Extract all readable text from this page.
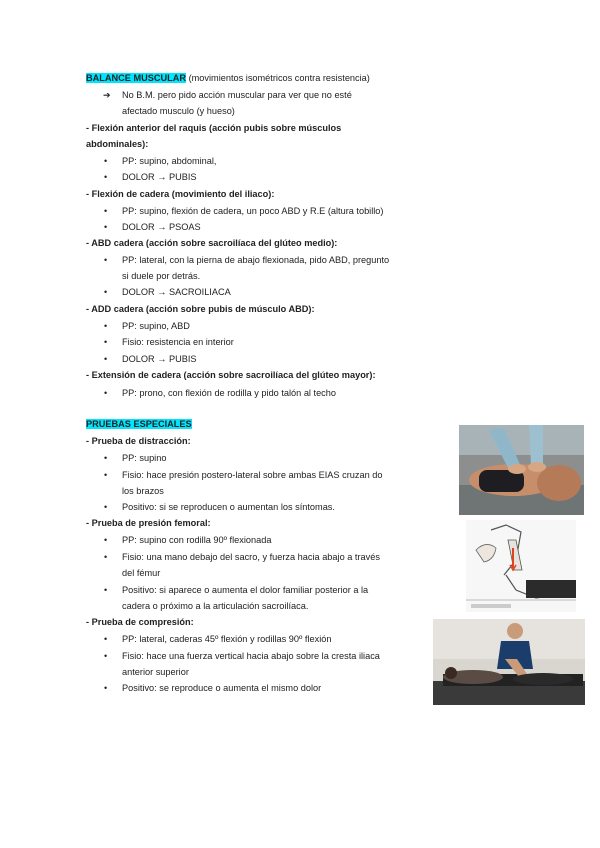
BALANCE MUSCULAR (movimientos isométricos contra resistencia)
➔ No B.M. pero pido acción muscular para ver que no esté
afectado musculo (y hueso)
- Flexión anterior del raquis (acción pubis sobre músculos
abdominales):
• PP: supino, abdominal,
• DOLOR → PUBIS
- Flexión de cadera (movimiento del iliaco):
• PP: supino, flexión de cadera, un poco ABD y R.E (altura tobillo)
• DOLOR → PSOAS
- ABD cadera (acción sobre sacroilíaca del glúteo medio):
• PP: lateral, con la pierna de abajo flexionada, pido ABD, pregunto
si duele por detrás.
• DOLOR → SACROILIACA
- ADD cadera (acción sobre pubis de músculo ABD):
• PP: supino, ABD
• Fisio: resistencia en interior
• DOLOR → PUBIS
- Extensión de cadera (acción sobre sacroilíaca del glúteo mayor):
• PP: prono, con flexión de rodilla y pido talón al techo
PRUEBAS ESPECIALES
- Prueba de distracción:
• PP: supino
• Fisio: hace presión postero-lateral sobre ambas EIAS cruzan do
los brazos
• Positivo: si se reproducen o aumentan los síntomas.
- Prueba de presión femoral:
• PP: supino con rodilla 90º flexionada
• Fisio: una mano debajo del sacro, y fuerza hacia abajo a través
del fémur
• Positivo: si aparece o aumenta el dolor familiar posterior a la
cadera o próximo a la articulación sacroilíaca.
- Prueba de compresión:
• PP: lateral, caderas 45º flexión y rodillas 90º flexión
• Fisio: hace una fuerza vertical hacia abajo sobre la cresta iliaca
anterior superior
• Positivo: se reproduce o aumenta el mismo dolor
